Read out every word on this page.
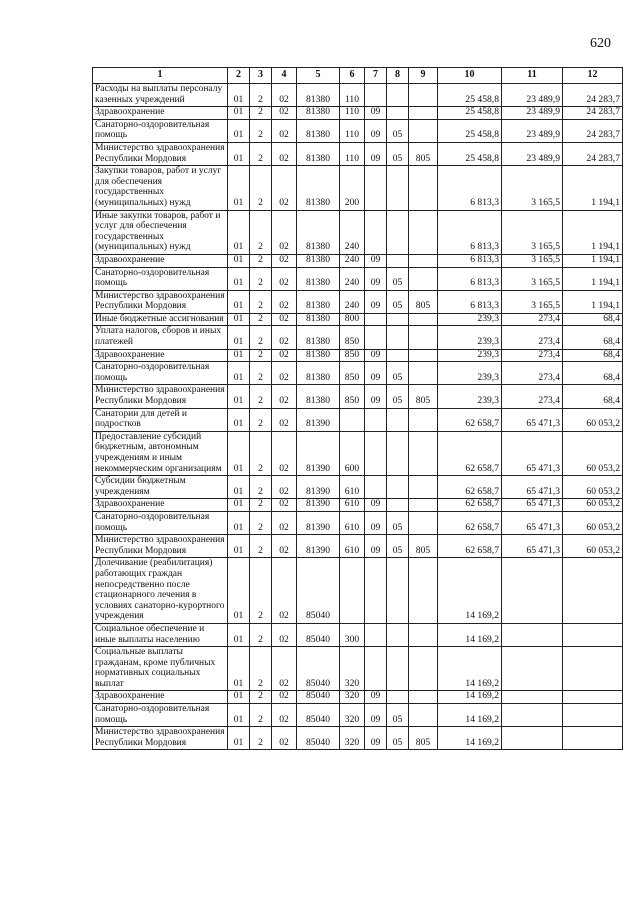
620
1	2	3	4	5	6	7	8	9	10	11	12
Расходы на выплаты персоналу казенных учреждений	01	2	02	81380	110				25 458,8	23 489,9	24 283,7
Здравоохранение	01	2	02	81380	110	09			25 458,8	23 489,9	24 283,7
Санаторно-оздоровительная помощь	01	2	02	81380	110	09	05		25 458,8	23 489,9	24 283,7
Министерство здравоохранения Республики Мордовия	01	2	02	81380	110	09	05	805	25 458,8	23 489,9	24 283,7
Закупки товаров, работ и услуг для обеспечения государственных (муниципальных) нужд	01	2	02	81380	200				6 813,3	3 165,5	1 194,1
Иные закупки товаров, работ и услуг для обеспечения государственных (муниципальных) нужд	01	2	02	81380	240				6 813,3	3 165,5	1 194,1
Здравоохранение	01	2	02	81380	240	09			6 813,3	3 165,5	1 194,1
Санаторно-оздоровительная помощь	01	2	02	81380	240	09	05		6 813,3	3 165,5	1 194,1
Министерство здравоохранения Республики Мордовия	01	2	02	81380	240	09	05	805	6 813,3	3 165,5	1 194,1
Иные бюджетные ассигнования	01	2	02	81380	800				239,3	273,4	68,4
Уплата налогов, сборов и иных платежей	01	2	02	81380	850				239,3	273,4	68,4
Здравоохранение	01	2	02	81380	850	09			239,3	273,4	68,4
Санаторно-оздоровительная помощь	01	2	02	81380	850	09	05		239,3	273,4	68,4
Министерство здравоохранения Республики Мордовия	01	2	02	81380	850	09	05	805	239,3	273,4	68,4
Санатории для детей и подростков	01	2	02	81390					62 658,7	65 471,3	60 053,2
Предоставление субсидий бюджетным, автономным учреждениям и иным некоммерческим организациям	01	2	02	81390	600				62 658,7	65 471,3	60 053,2
Субсидии бюджетным учреждениям	01	2	02	81390	610				62 658,7	65 471,3	60 053,2
Здравоохранение	01	2	02	81390	610	09			62 658,7	65 471,3	60 053,2
Санаторно-оздоровительная помощь	01	2	02	81390	610	09	05		62 658,7	65 471,3	60 053,2
Министерство здравоохранения Республики Мордовия	01	2	02	81390	610	09	05	805	62 658,7	65 471,3	60 053,2
Долечивание (реабилитация) работающих граждан непосредственно после стационарного лечения в условиях санаторно-курортного учреждения	01	2	02	85040					14 169,2		
Социальное обеспечение и иные выплаты населению	01	2	02	85040	300				14 169,2		
Социальные выплаты гражданам, кроме публичных нормативных социальных выплат	01	2	02	85040	320				14 169,2		
Здравоохранение	01	2	02	85040	320	09			14 169,2		
Санаторно-оздоровительная помощь	01	2	02	85040	320	09	05		14 169,2		
Министерство здравоохранения Республики Мордовия	01	2	02	85040	320	09	05	805	14 169,2		
